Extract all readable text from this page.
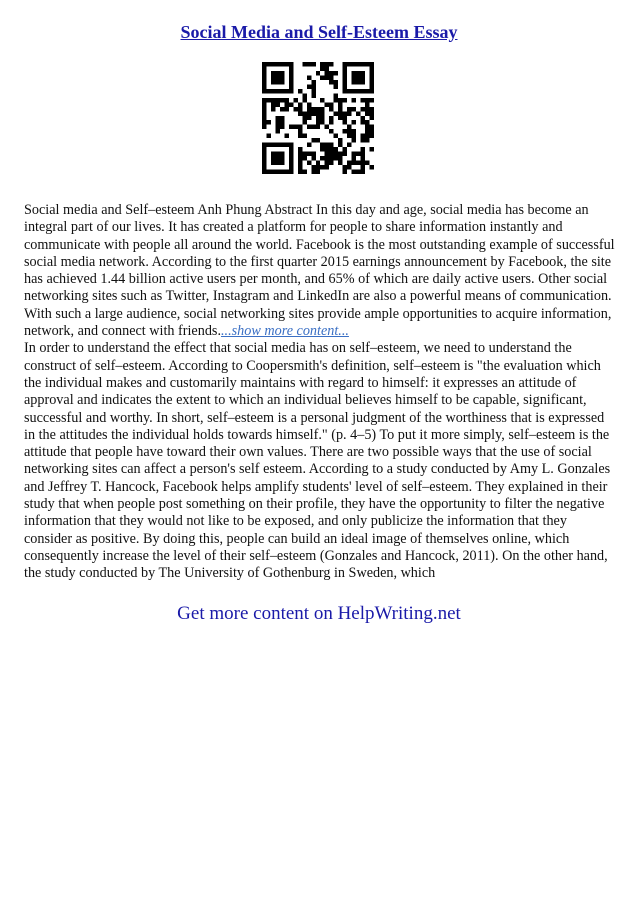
Social Media and Self-Esteem Essay

Social media and Self–esteem Anh Phung Abstract In this day and age, social media has become an integral part of our lives. It has created a platform for people to share information instantly and communicate with people all around the world. Facebook is the most outstanding example of successful social media network. According to the first quarter 2015 earnings announcement by Facebook, the site has achieved 1.44 billion active users per month, and 65% of which are daily active users. Other social networking sites such as Twitter, Instagram and LinkedIn are also a powerful means of communication. With such a large audience, social networking sites provide ample opportunities to acquire information, network, and connect with friends....show more content...
In order to understand the effect that social media has on self–esteem, we need to understand the construct of self–esteem. According to Coopersmith's definition, self–esteem is "the evaluation which the individual makes and customarily maintains with regard to himself: it expresses an attitude of approval and indicates the extent to which an individual believes himself to be capable, significant, successful and worthy. In short, self–esteem is a personal judgment of the worthiness that is expressed in the attitudes the individual holds towards himself." (p. 4–5) To put it more simply, self–esteem is the attitude that people have toward their own values. There are two possible ways that the use of social networking sites can affect a person's self esteem. According to a study conducted by Amy L. Gonzales and Jeffrey T. Hancock, Facebook helps amplify students' level of self–esteem. They explained in their study that when people post something on their profile, they have the opportunity to filter the negative information that they would not like to be exposed, and only publicize the information that they consider as positive. By doing this, people can build an ideal image of themselves online, which consequently increase the level of their self–esteem (Gonzales and Hancock, 2011). On the other hand, the study conducted by The University of Gothenburg in Sweden, which

Get more content on HelpWriting.net
